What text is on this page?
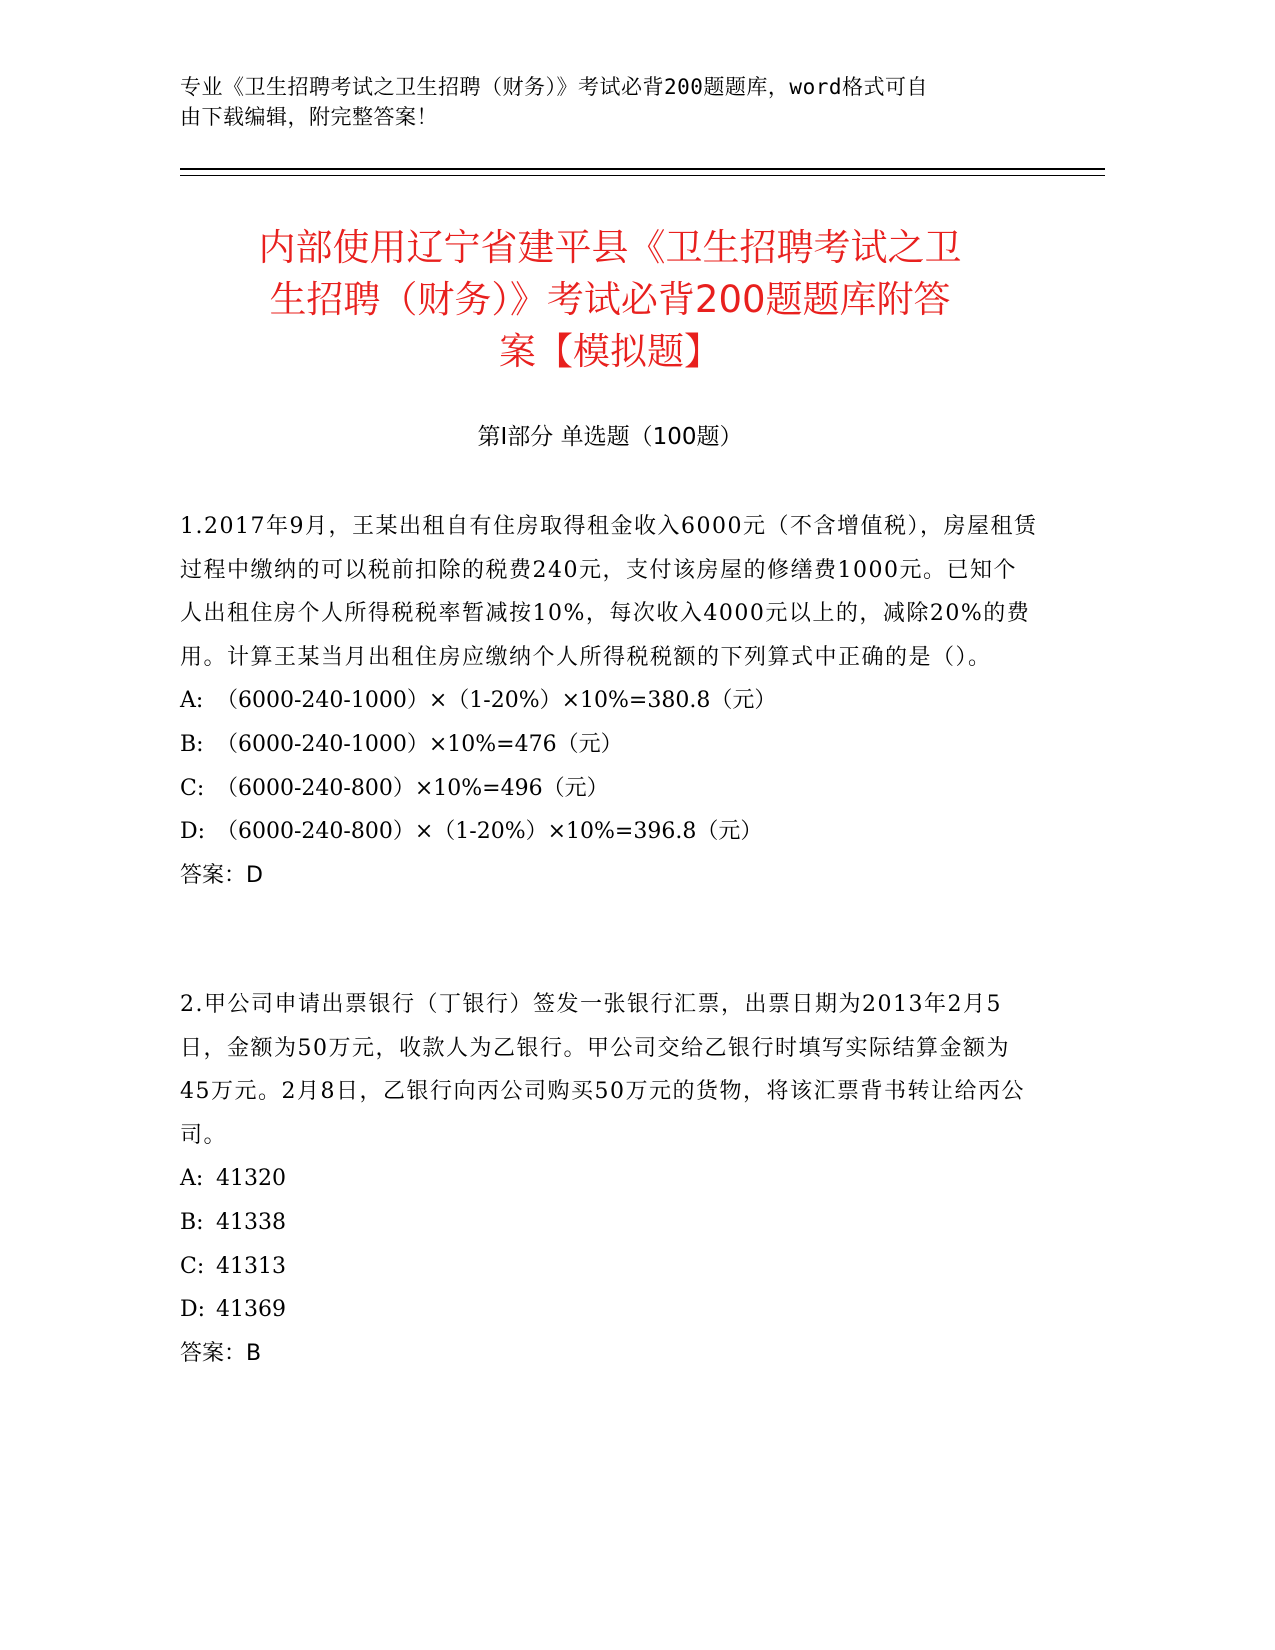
专业《卫生招聘考试之卫生招聘（财务）》考试必背200题题库，word格式可自
由下载编辑，附完整答案！
内部使用辽宁省建平县《卫生招聘考试之卫
生招聘（财务）》考试必背200题题库附答
案【模拟题】
第Ⅰ部分 单选题（100题）

1.2017年9月，王某出租自有住房取得租金收入6000元（不含增值税），房屋租赁过程中缴纳的可以税前扣除的税费240元，支付该房屋的修缮费1000元。已知个人出租住房个人所得税税率暂减按10%，每次收入4000元以上的，减除20%的费用。计算王某当月出租住房应缴纳个人所得税税额的下列算式中正确的是（）。

A: （6000-240-1000）×（1-20%）×10%=380.8（元）

B: （6000-240-1000）×10%=476（元）

C: （6000-240-800）×10%=496（元）

D: （6000-240-800）×（1-20%）×10%=396.8（元）

答案：D

2.甲公司申请出票银行（丁银行）签发一张银行汇票，出票日期为2013年2月5日，金额为50万元，收款人为乙银行。甲公司交给乙银行时填写实际结算金额为45万元。2月8日，乙银行向丙公司购买50万元的货物，将该汇票背书转让给丙公司。

A: 41320

B: 41338

C: 41313

D: 41369

答案：B
